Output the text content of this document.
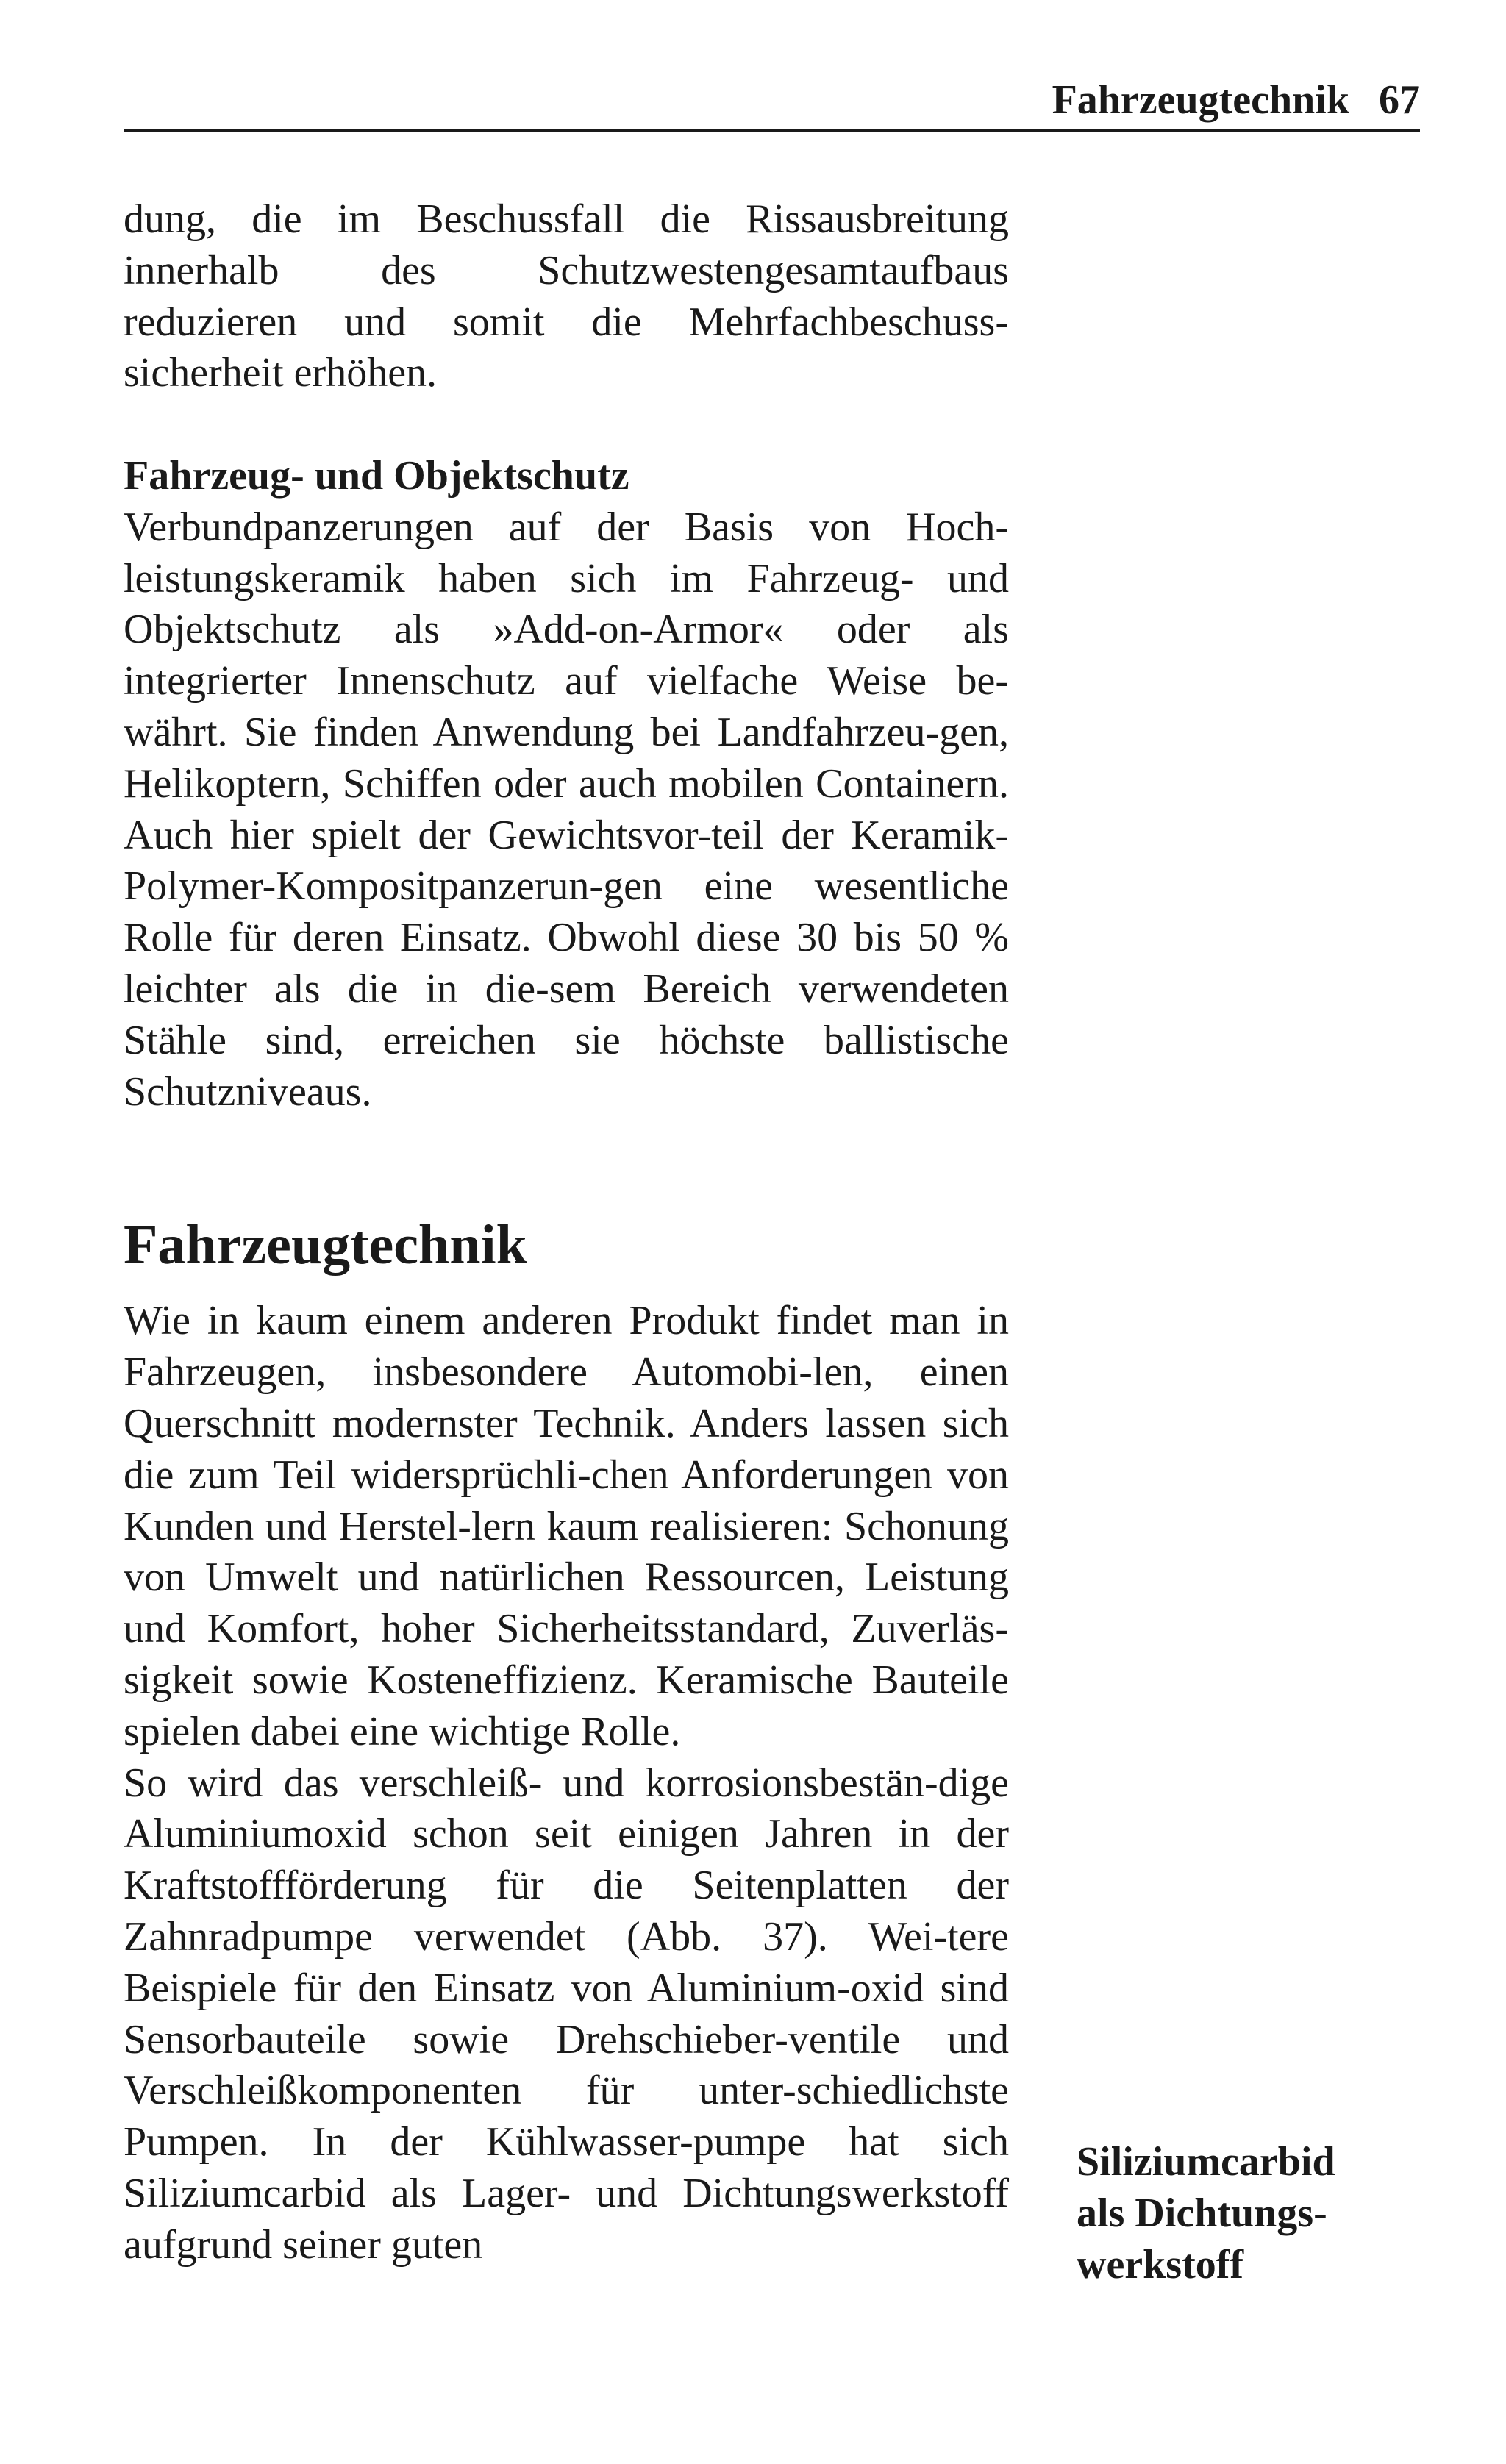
Fahrzeugtechnik 67

dung, die im Beschussfall die Rissausbreitung innerhalb des Schutzwestengesamtaufbaus reduzieren und somit die Mehrfachbeschuss-sicherheit erhöhen.

Fahrzeug- und Objektschutz

Verbundpanzerungen auf der Basis von Hoch-leistungskeramik haben sich im Fahrzeug- und Objektschutz als »Add-on-Armor« oder als integrierter Innenschutz auf vielfache Weise be-währt. Sie finden Anwendung bei Landfahrzeu-gen, Helikoptern, Schiffen oder auch mobilen Containern. Auch hier spielt der Gewichtsvor-teil der Keramik-Polymer-Kompositpanzerun-gen eine wesentliche Rolle für deren Einsatz. Obwohl diese 30 bis 50 % leichter als die in die-sem Bereich verwendeten Stähle sind, erreichen sie höchste ballistische Schutzniveaus.

Fahrzeugtechnik

Wie in kaum einem anderen Produkt findet man in Fahrzeugen, insbesondere Automobi-len, einen Querschnitt modernster Technik. Anders lassen sich die zum Teil widersprüchli-chen Anforderungen von Kunden und Herstel-lern kaum realisieren: Schonung von Umwelt und natürlichen Ressourcen, Leistung und Komfort, hoher Sicherheitsstandard, Zuverläs-sigkeit sowie Kosteneffizienz. Keramische Bauteile spielen dabei eine wichtige Rolle.

So wird das verschleiß- und korrosionsbestän-dige Aluminiumoxid schon seit einigen Jahren in der Kraftstoffförderung für die Seitenplatten der Zahnradpumpe verwendet (Abb. 37). Wei-tere Beispiele für den Einsatz von Aluminium-oxid sind Sensorbauteile sowie Drehschieber-ventile und Verschleißkomponenten für unter-schiedlichste Pumpen. In der Kühlwasser-pumpe hat sich Siliziumcarbid als Lager- und Dichtungswerkstoff aufgrund seiner guten

Siliziumcarbid
als Dichtungs-
werkstoff
